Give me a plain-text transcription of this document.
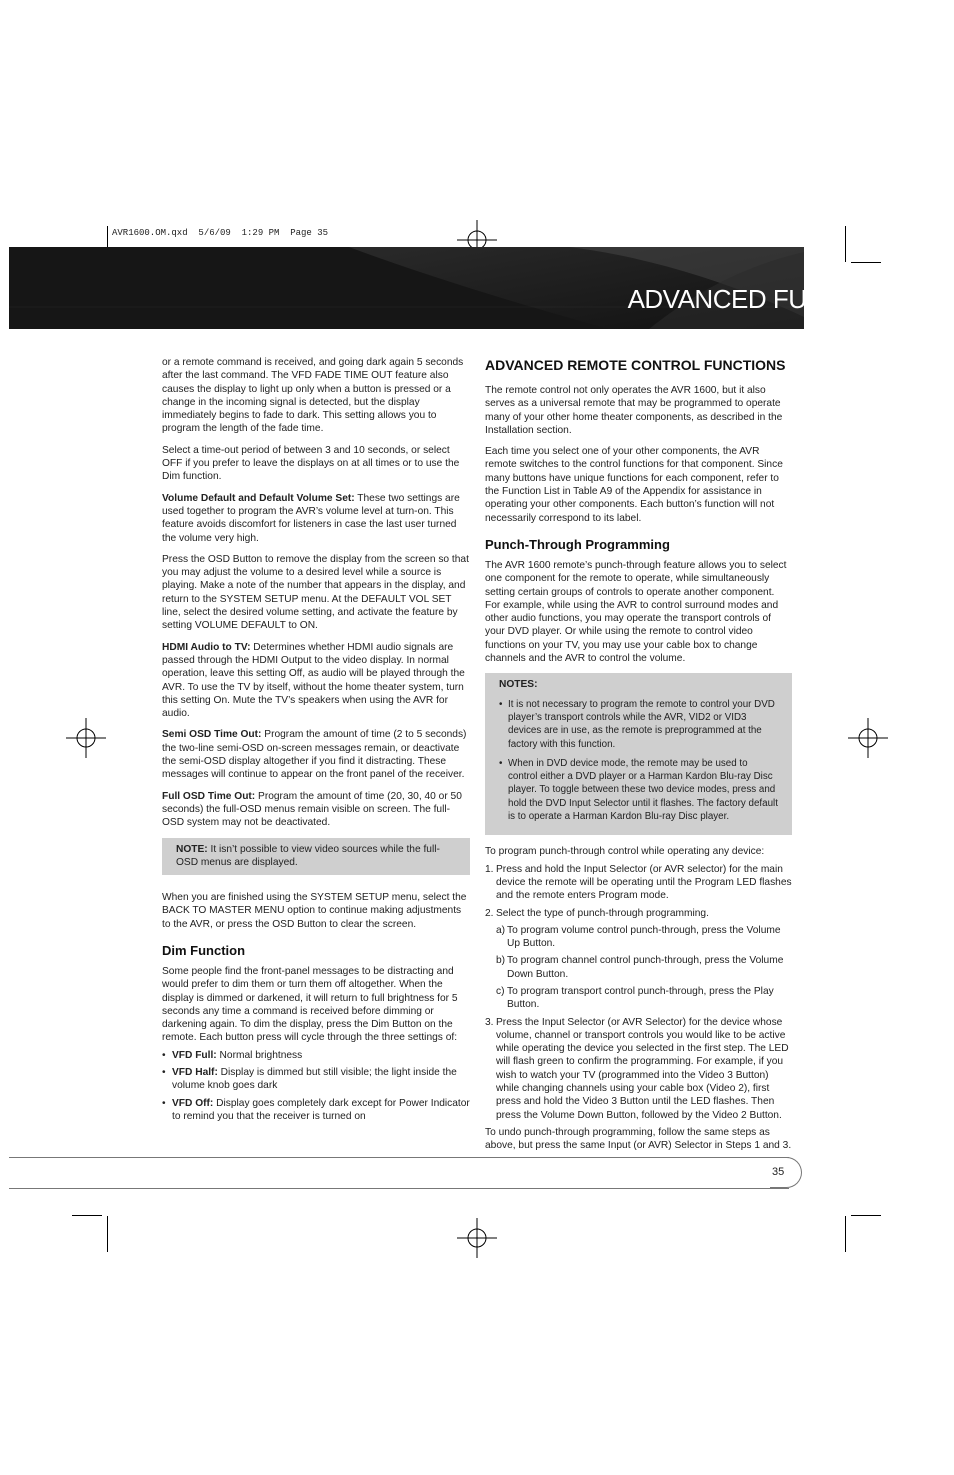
AVR1600.OM.qxd  5/6/09  1:29 PM  Page 35
ADVANCED FUNCTIONS

or a remote command is received, and going dark again 5 seconds after the last command. The VFD FADE TIME OUT feature also causes the display to light up only when a button is pressed or a change in the incoming signal is detected, but the display immediately begins to fade to dark. This setting allows you to program the length of the fade time.

Select a time-out period of between 3 and 10 seconds, or select OFF if you prefer to leave the displays on at all times or to use the Dim function.

Volume Default and Default Volume Set: These two settings are used together to program the AVR’s volume level at turn-on. This feature avoids discomfort for listeners in case the last user turned the volume very high.

Press the OSD Button to remove the display from the screen so that you may adjust the volume to a desired level while a source is playing. Make a note of the number that appears in the display, and return to the SYSTEM SETUP menu. At the DEFAULT VOL SET line, select the desired volume setting, and activate the feature by setting VOLUME DEFAULT to ON.

HDMI Audio to TV: Determines whether HDMI audio signals are passed through the HDMI Output to the video display. In normal operation, leave this setting Off, as audio will be played through the AVR. To use the TV by itself, without the home theater system, turn this setting On. Mute the TV’s speakers when using the AVR for audio.

Semi OSD Time Out: Program the amount of time (2 to 5 seconds) the two-line semi-OSD on-screen messages remain, or deactivate the semi-OSD display altogether if you find it distracting. These messages will continue to appear on the front panel of the receiver.

Full OSD Time Out: Program the amount of time (20, 30, 40 or 50 seconds) the full-OSD menus remain visible on screen. The full-OSD system may not be deactivated.

NOTE: It isn’t possible to view video sources while the full-OSD menus are displayed.

When you are finished using the SYSTEM SETUP menu, select the BACK TO MASTER MENU option to continue making adjustments to the AVR, or press the OSD Button to clear the screen.

Dim Function

Some people find the front-panel messages to be distracting and would prefer to dim them or turn them off altogether. When the display is dimmed or darkened, it will return to full brightness for 5 seconds any time a command is received before dimming or darkening again. To dim the display, press the Dim Button on the remote. Each button press will cycle through the three settings of:

• VFD Full: Normal brightness
• VFD Half: Display is dimmed but still visible; the light inside the volume knob goes dark
• VFD Off: Display goes completely dark except for Power Indicator to remind you that the receiver is turned on
ADVANCED REMOTE CONTROL FUNCTIONS

The remote control not only operates the AVR 1600, but it also serves as a universal remote that may be programmed to operate many of your other home theater components, as described in the Installation section.

Each time you select one of your other components, the AVR remote switches to the control functions for that component. Since many buttons have unique functions for each component, refer to the Function List in Table A9 of the Appendix for assistance in operating your other components. Each button’s function will not necessarily correspond to its label.

Punch-Through Programming

The AVR 1600 remote’s punch-through feature allows you to select one component for the remote to operate, while simultaneously setting certain groups of controls to operate another component. For example, while using the AVR to control surround modes and other audio functions, you may operate the transport controls of your DVD player. Or while using the remote to control video functions on your TV, you may use your cable box to change channels and the AVR to control the volume.

NOTES:
• It is not necessary to program the remote to control your DVD player’s transport controls while the AVR, VID2 or VID3 devices are in use, as the remote is preprogrammed at the factory with this function.
• When in DVD device mode, the remote may be used to control either a DVD player or a Harman Kardon Blu-ray Disc player. To toggle between these two device modes, press and hold the DVD Input Selector until it flashes. The factory default is to operate a Harman Kardon Blu-ray Disc player.

To program punch-through control while operating any device:

1. Press and hold the Input Selector (or AVR selector) for the main device the remote will be operating until the Program LED flashes and the remote enters Program mode.
2. Select the type of punch-through programming.
a) To program volume control punch-through, press the Volume Up Button.
b) To program channel control punch-through, press the Volume Down Button.
c) To program transport control punch-through, press the Play Button.
3. Press the Input Selector (or AVR Selector) for the device whose volume, channel or transport controls you would like to be active while operating the device you selected in the first step. The LED will flash green to confirm the programming. For example, if you wish to watch your TV (programmed into the Video 3 Button) while changing channels using your cable box (Video 2), first press and hold the Video 3 Button until the LED flashes. Then press the Volume Down Button, followed by the Video 2 Button.

To undo punch-through programming, follow the same steps as above, but press the same Input (or AVR) Selector in Steps 1 and 3.

35
